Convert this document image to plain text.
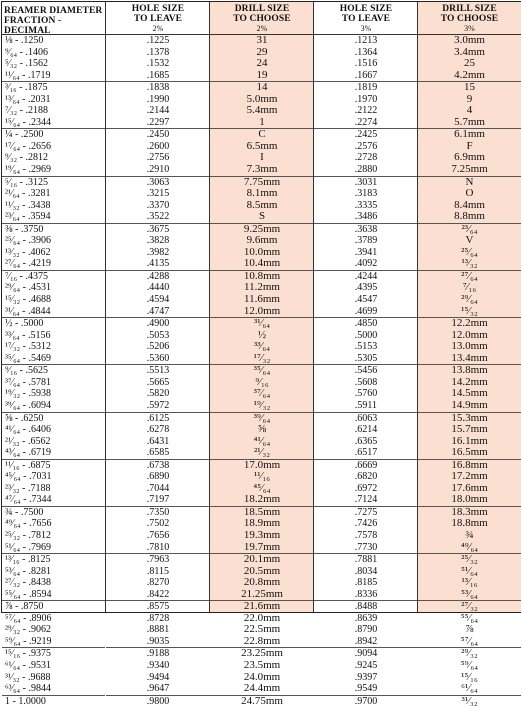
REAMER DIAMETER
FRACTION - DECIMAL
⅛ - .1250
⁹⁄₆₄ - .1406
⁵⁄₃₂ - .1562
¹¹⁄₆₄ - .1719
³⁄₁₆ - .1875
¹³⁄₆₄ - .2031
⁷⁄₃₂ - .2188
¹⁵⁄₆₄ - .2344
¼ - .2500
¹⁷⁄₆₄ - .2656
⁹⁄₃₂ - .2812
¹⁹⁄₆₄ - .2969
⁵⁄₁₆ - .3125
²¹⁄₆₄ - .3281
¹¹⁄₃₂ - .3438
²³⁄₆₄ - .3594
⅜ - .3750
²⁵⁄₆₄ - .3906
¹³⁄₃₂ - .4062
²⁷⁄₆₄ - .4219
⁷⁄₁₆ - .4375
²⁹⁄₆₄ - .4531
¹⁵⁄₃₂ - .4688
³¹⁄₆₄ - .4844
½ - .5000
³³⁄₆₄ - .5156
¹⁷⁄₃₂ - .5312
³⁵⁄₆₄ - .5469
⁹⁄₁₆ - .5625
³⁷⁄₆₄ - .5781
¹⁹⁄₃₂ - .5938
³⁹⁄₆₄ - .6094
⅝ - .6250
⁴¹⁄₆₄ - .6406
²¹⁄₃₂ - .6562
⁴³⁄₆₄ - .6719
¹¹⁄₁₆ - .6875
⁴⁵⁄₆₄ - .7031
²³⁄₃₂ - .7188
⁴⁷⁄₆₄ - .7344
¾ - .7500
⁴⁹⁄₆₄ - .7656
²⁵⁄₃₂ - .7812
⁵¹⁄₆₄ - .7969
¹³⁄₁₆ - .8125
⁵³⁄₆₄ - .8281
²⁷⁄₃₂ - .8438
⁵⁵⁄₆₄ - .8594
⅞ - .8750
⁵⁷⁄₆₄ - .8906
²⁹⁄₃₂ - .9062
⁵⁹⁄₆₄ - .9219
¹⁵⁄₁₆ - .9375
⁶¹⁄₆₄ - .9531
³¹⁄₃₂ - .9688
⁶³⁄₆₄ - .9844
1 - 1.0000
HOLE SIZE
TO LEAVE
2%
.1225
.1378
.1532
.1685
.1838
.1990
.2144
.2297
.2450
.2600
.2756
.2910
.3063
.3215
.3370
.3522
.3675
.3828
.3982
.4135
.4288
.4440
.4594
.4747
.4900
.5053
.5206
.5360
.5513
.5665
.5820
.5972
.6125
.6278
.6431
.6585
.6738
.6890
.7044
.7197
.7350
.7502
.7656
.7810
.7963
.8115
.8270
.8422
.8575
.8728
.8881
.9035
.9188
.9340
.9494
.9647
.9800
DRILL SIZE
TO CHOOSE
2%
31
29
24
19
14
5.0mm
5.4mm
1
C
6.5mm
I
7.3mm
7.75mm
8.1mm
8.5mm
S
9.25mm
9.6mm
10.0mm
10.4mm
10.8mm
11.2mm
11.6mm
12.0mm
³¹⁄₆₄
½
³³⁄₆₄
¹⁷⁄₃₂
³⁵⁄₆₄
⁹⁄₁₆
³⁷⁄₆₄
¹⁹⁄₃₂
³⁹⁄₆₄
⅝
⁴¹⁄₆₄
²¹⁄₃₂
17.0mm
¹¹⁄₁₆
⁴⁵⁄₆₄
18.2mm
18.5mm
18.9mm
19.3mm
19.7mm
20.1mm
20.5mm
20.8mm
21.25mm
21.6mm
22.0mm
22.5mm
22.8mm
23.25mm
23.5mm
24.0mm
24.4mm
24.75mm
HOLE SIZE
TO LEAVE
3%
.1213
.1364
.1516
.1667
.1819
.1970
.2122
.2274
.2425
.2576
.2728
.2880
.3031
.3183
.3335
.3486
.3638
.3789
.3941
.4092
.4244
.4395
.4547
.4699
.4850
.5000
.5153
.5305
.5456
.5608
.5760
.5911
.6063
.6214
.6365
.6517
.6669
.6820
.6972
.7124
.7275
.7426
.7578
.7730
.7881
.8034
.8185
.8336
.8488
.8639
.8790
.8942
.9094
.9245
.9397
.9549
.9700
DRILL SIZE
TO CHOOSE
3%
3.0mm
3.4mm
25
4.2mm
15
9
4
5.7mm
6.1mm
F
6.9mm
7.25mm
N
O
8.4mm
8.8mm
²³⁄₆₄
V
²⁵⁄₆₄
¹³⁄₃₂
²⁷⁄₆₄
⁷⁄₁₆
²⁹⁄₆₄
¹⁵⁄₃₂
12.2mm
12.0mm
13.0mm
13.4mm
13.8mm
14.2mm
14.5mm
14.9mm
15.3mm
15.7mm
16.1mm
16.5mm
16.8mm
17.2mm
17.6mm
18.0mm
18.3mm
18.8mm
¾
⁴⁹⁄₆₄
²⁵⁄₃₂
⁵¹⁄₆₄
¹³⁄₁₆
⁵³⁄₆₄
²⁷⁄₃₂
⁵⁵⁄₆₄
⅞
⁵⁷⁄₆₄
²⁹⁄₃₂
⁵⁹⁄₆₄
¹⁵⁄₁₆
⁶¹⁄₆₄
³¹⁄₃₂
